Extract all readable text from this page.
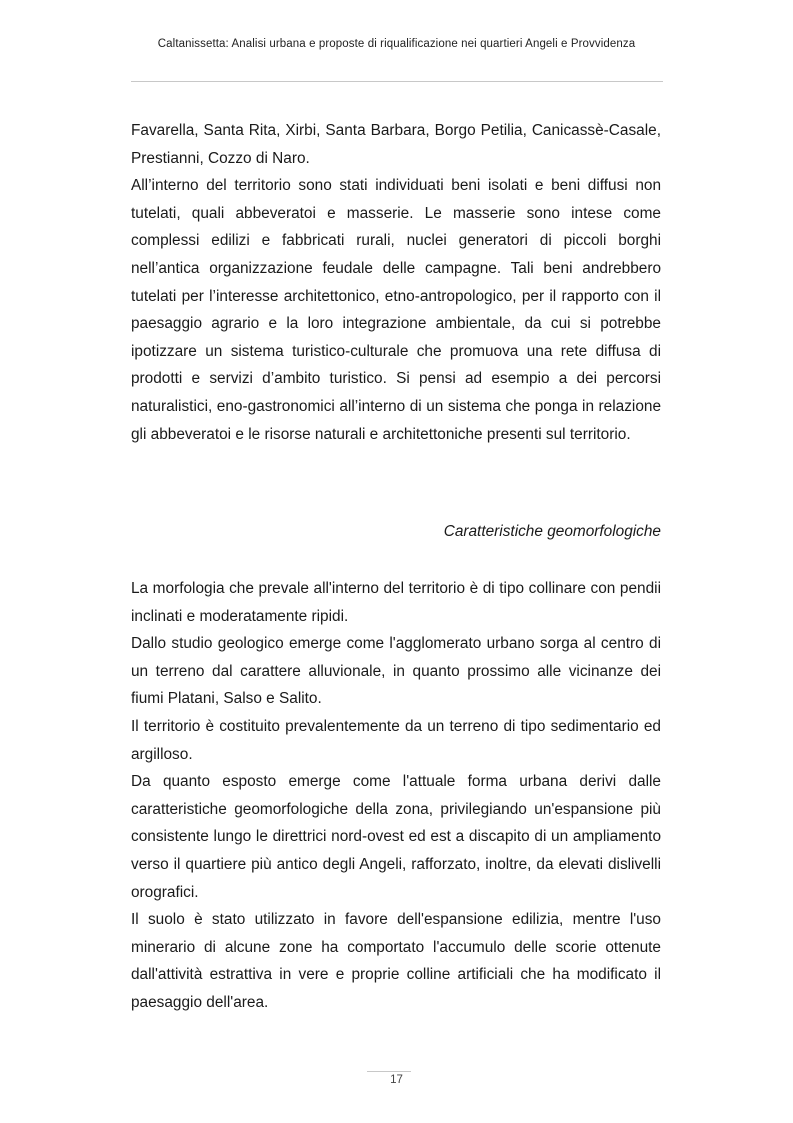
Caltanissetta: Analisi urbana e proposte di riqualificazione nei quartieri Angeli e Provvidenza

Favarella, Santa Rita, Xirbi, Santa Barbara, Borgo Petilia, Canicassè-Casale, Prestianni, Cozzo di Naro.

All’interno del territorio sono stati individuati beni isolati e beni diffusi non tutelati, quali abbeveratoi e masserie. Le masserie sono intese come complessi edilizi e fabbricati rurali, nuclei generatori di piccoli borghi nell’antica organizzazione feudale delle campagne. Tali beni andrebbero tutelati per l’interesse architettonico, etno-antropologico, per il rapporto con il paesaggio agrario e la loro integrazione ambientale, da cui si potrebbe ipotizzare un sistema turistico-culturale che promuova una rete diffusa di prodotti e servizi d’ambito turistico. Si pensi ad esempio a dei percorsi naturalistici, eno-gastronomici all’interno di un sistema che ponga in relazione gli abbeveratoi e le risorse naturali e architettoniche presenti sul territorio.

Caratteristiche geomorfologiche

La morfologia che prevale all'interno del territorio è di tipo collinare con pendii inclinati e moderatamente ripidi.

Dallo studio geologico emerge come l'agglomerato urbano sorga al centro di un terreno dal carattere alluvionale, in quanto prossimo alle vicinanze dei fiumi Platani, Salso e Salito.

Il territorio è costituito prevalentemente da un terreno di tipo sedimentario ed argilloso.

Da quanto esposto emerge come l'attuale forma urbana derivi dalle caratteristiche geomorfologiche della zona, privilegiando un'espansione più consistente lungo le direttrici nord-ovest ed est a discapito di un ampliamento verso il quartiere più antico degli Angeli, rafforzato, inoltre, da elevati dislivelli orografici.

Il suolo è stato utilizzato in favore dell'espansione edilizia, mentre l'uso minerario di alcune zone ha comportato l'accumulo delle scorie ottenute dall'attività estrattiva in vere e proprie colline artificiali che ha modificato il paesaggio dell'area.

17
